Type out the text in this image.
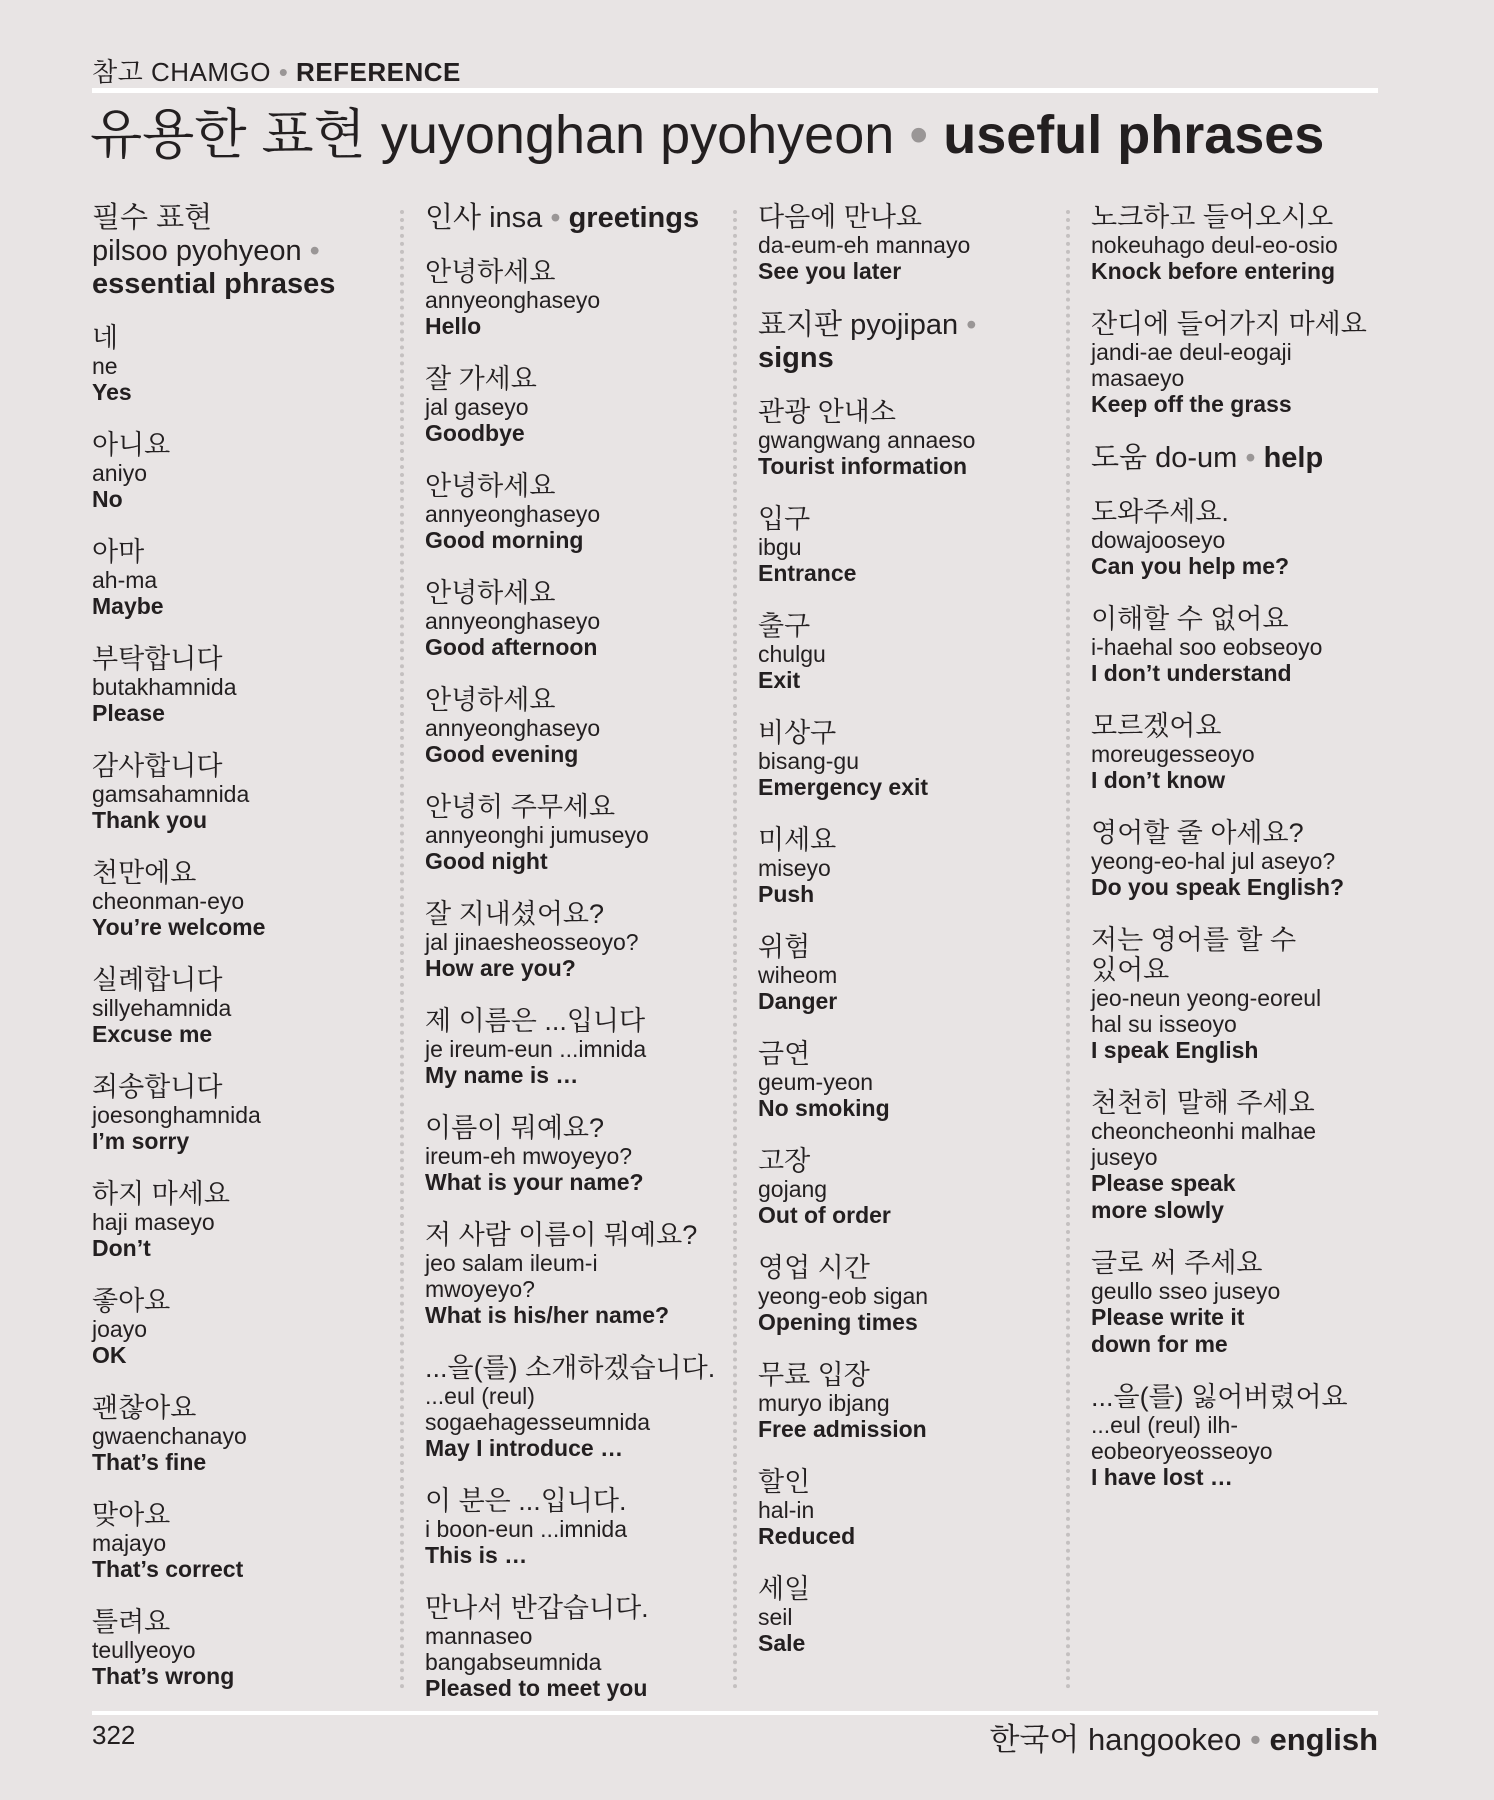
참고 CHAMGO • REFERENCE
유용한 표현 yuyonghan pyohyeon • useful phrases
필수 표현
pilsoo pyohyeon •
essential phrases
네
ne
Yes
아니요
aniyo
No
아마
ah-ma
Maybe
부탁합니다
butakhamnida
Please
감사합니다
gamsahamnida
Thank you
천만에요
cheonman-eyo
You’re welcome
실례합니다
sillyehamnida
Excuse me
죄송합니다
joesonghamnida
I’m sorry
하지 마세요
haji maseyo
Don’t
좋아요
joayo
OK
괜찮아요
gwaenchanayo
That’s fine
맞아요
majayo
That’s correct
틀려요
teullyeoyo
That’s wrong
인사 insa • greetings
안녕하세요
annyeonghaseyo
Hello
잘 가세요
jal gaseyo
Goodbye
안녕하세요
annyeonghaseyo
Good morning
안녕하세요
annyeonghaseyo
Good afternoon
안녕하세요
annyeonghaseyo
Good evening
안녕히 주무세요
annyeonghi jumuseyo
Good night
잘 지내셨어요?
jal jinaesheosseoyo?
How are you?
제 이름은 ...입니다
je ireum-eun ...imnida
My name is …
이름이 뭐예요?
ireum-eh mwoyeyo?
What is your name?
저 사람 이름이 뭐예요?
jeo salam ileum-i
mwoyeyo?
What is his/her name?
...을(를) 소개하겠습니다.
...eul (reul)
sogaehagesseumnida
May I introduce …
이 분은 ...입니다.
i boon-eun ...imnida
This is …
만나서 반갑습니다.
mannaseo
bangabseumnida
Pleased to meet you
다음에 만나요
da-eum-eh mannayo
See you later
표지판 pyojipan •
signs
관광 안내소
gwangwang annaeso
Tourist information
입구
ibgu
Entrance
출구
chulgu
Exit
비상구
bisang-gu
Emergency exit
미세요
miseyo
Push
위험
wiheom
Danger
금연
geum-yeon
No smoking
고장
gojang
Out of order
영업 시간
yeong-eob sigan
Opening times
무료 입장
muryo ibjang
Free admission
할인
hal-in
Reduced
세일
seil
Sale
노크하고 들어오시오
nokeuhago deul-eo-osio
Knock before entering
잔디에 들어가지 마세요
jandi-ae deul-eogaji
masaeyo
Keep off the grass
도움 do-um • help
도와주세요.
dowajooseyo
Can you help me?
이해할 수 없어요
i-haehal soo eobseoyo
I don’t understand
모르겠어요
moreugesseoyo
I don’t know
영어할 줄 아세요?
yeong-eo-hal jul aseyo?
Do you speak English?
저는 영어를 할 수
있어요
jeo-neun yeong-eoreul
hal su isseoyo
I speak English
천천히 말해 주세요
cheoncheonhi malhae
juseyo
Please speak
more slowly
글로 써 주세요
geullo sseo juseyo
Please write it
down for me
...을(를) 잃어버렸어요
...eul (reul) ilh-
eobeoryeosseoyo
I have lost …
322	한국어 hangookeo • english
